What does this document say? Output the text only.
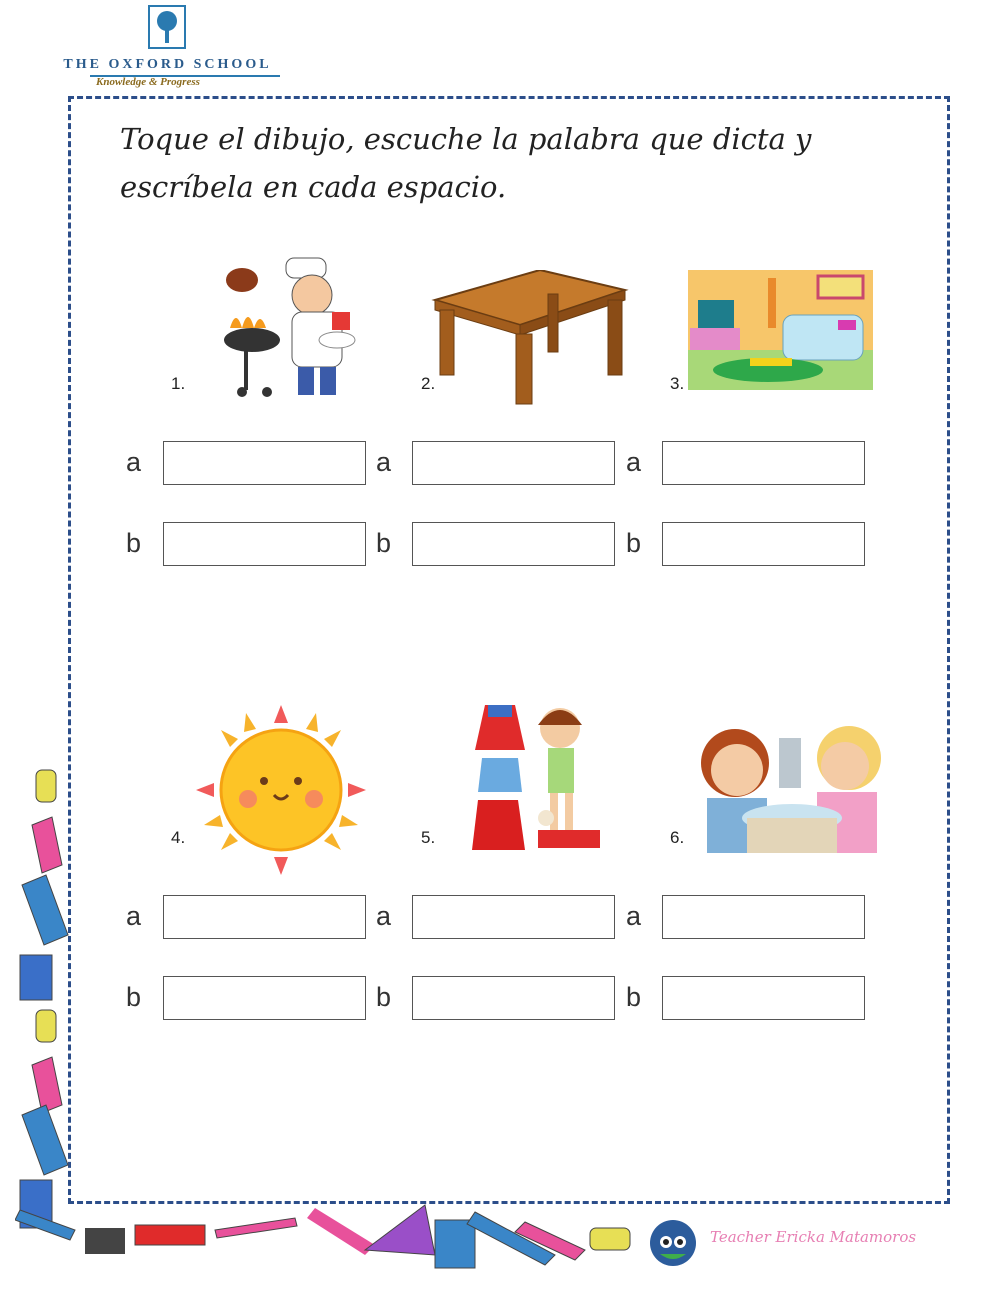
THE OXFORD SCHOOL
Knowledge & Progress
Toque el dibujo, escuche la palabra que dicta y escríbela en cada espacio.
1.	2.	3.
a	a	a
b	b	b
4.	5.	6.
a	a	a
b	b	b
Teacher Ericka Matamoros
